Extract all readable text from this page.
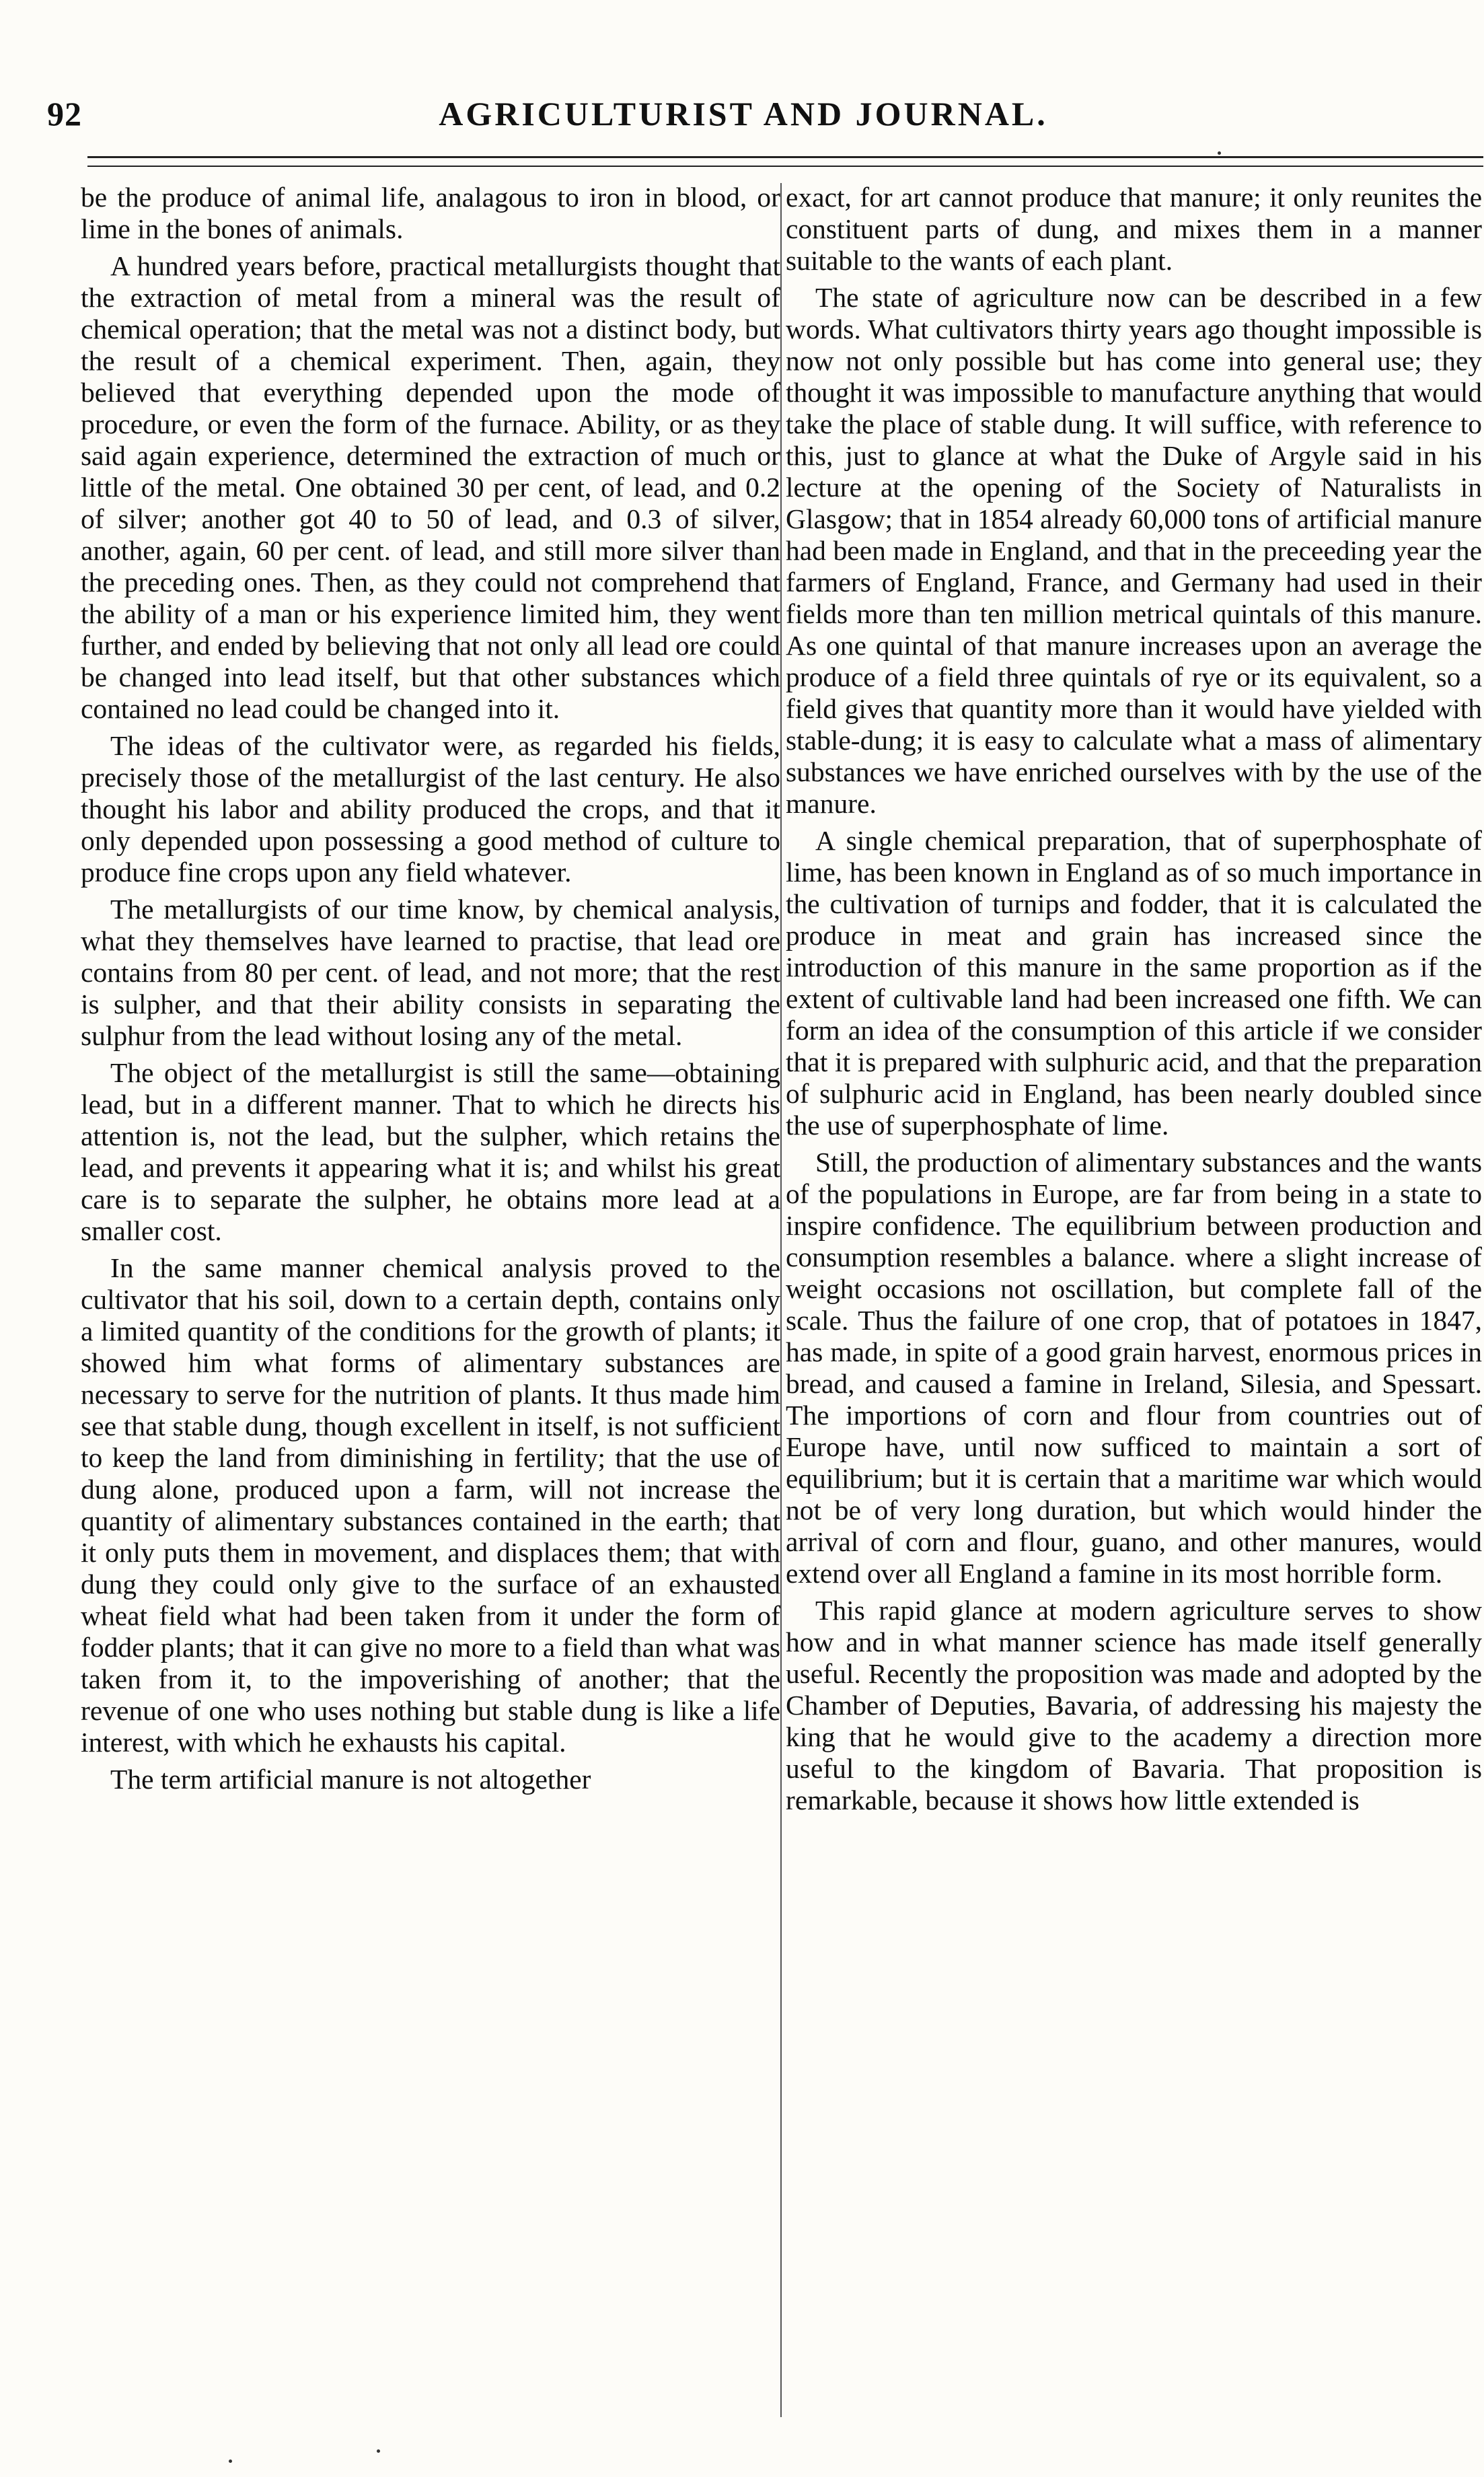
92	AGRICULTURIST AND JOURNAL.

be the produce of animal life, analagous to iron in blood, or lime in the bones of animals.

A hundred years before, practical metallurgists thought that the extraction of metal from a mineral was the result of chemical operation; that the metal was not a distinct body, but the result of a chemical experiment. Then, again, they believed that everything depended upon the mode of procedure, or even the form of the furnace. Ability, or as they said again experience, determined the extraction of much or little of the metal. One obtained 30 per cent, of lead, and 0.2 of silver; another got 40 to 50 of lead, and 0.3 of silver, another, again, 60 per cent. of lead, and still more silver than the preceding ones. Then, as they could not comprehend that the ability of a man or his experience limited him, they went further, and ended by believing that not only all lead ore could be changed into lead itself, but that other substances which contained no lead could be changed into it.

The ideas of the cultivator were, as regarded his fields, precisely those of the metallurgist of the last century. He also thought his labor and ability produced the crops, and that it only depended upon possessing a good method of culture to produce fine crops upon any field whatever.

The metallurgists of our time know, by chemical analysis, what they themselves have learned to practise, that lead ore contains from 80 per cent. of lead, and not more; that the rest is sulpher, and that their ability consists in separating the sulphur from the lead without losing any of the metal.

The object of the metallurgist is still the same—obtaining lead, but in a different manner. That to which he directs his attention is, not the lead, but the sulpher, which retains the lead, and prevents it appearing what it is; and whilst his great care is to separate the sulpher, he obtains more lead at a smaller cost.

In the same manner chemical analysis proved to the cultivator that his soil, down to a certain depth, contains only a limited quantity of the conditions for the growth of plants; it showed him what forms of alimentary substances are necessary to serve for the nutrition of plants. It thus made him see that stable dung, though excellent in itself, is not sufficient to keep the land from diminishing in fertility; that the use of dung alone, produced upon a farm, will not increase the quantity of alimentary substances contained in the earth; that it only puts them in movement, and displaces them; that with dung they could only give to the surface of an exhausted wheat field what had been taken from it under the form of fodder plants; that it can give no more to a field than what was taken from it, to the impoverishing of another; that the revenue of one who uses nothing but stable dung is like a life interest, with which he exhausts his capital.

The term artificial manure is not altogether

exact, for art cannot produce that manure; it only reunites the constituent parts of dung, and mixes them in a manner suitable to the wants of each plant.

The state of agriculture now can be described in a few words. What cultivators thirty years ago thought impossible is now not only possible but has come into general use; they thought it was impossible to manufacture anything that would take the place of stable dung. It will suffice, with reference to this, just to glance at what the Duke of Argyle said in his lecture at the opening of the Society of Naturalists in Glasgow; that in 1854 already 60,000 tons of artificial manure had been made in England, and that in the preceeding year the farmers of England, France, and Germany had used in their fields more than ten million metrical quintals of this manure. As one quintal of that manure increases upon an average the produce of a field three quintals of rye or its equivalent, so a field gives that quantity more than it would have yielded with stable-dung; it is easy to calculate what a mass of alimentary substances we have enriched ourselves with by the use of the manure.

A single chemical preparation, that of superphosphate of lime, has been known in England as of so much importance in the cultivation of turnips and fodder, that it is calculated the produce in meat and grain has increased since the introduction of this manure in the same proportion as if the extent of cultivable land had been increased one fifth. We can form an idea of the consumption of this article if we consider that it is prepared with sulphuric acid, and that the preparation of sulphuric acid in England, has been nearly doubled since the use of superphosphate of lime.

Still, the production of alimentary substances and the wants of the populations in Europe, are far from being in a state to inspire confidence. The equilibrium between production and consumption resembles a balance. where a slight increase of weight occasions not oscillation, but complete fall of the scale. Thus the failure of one crop, that of potatoes in 1847, has made, in spite of a good grain harvest, enormous prices in bread, and caused a famine in Ireland, Silesia, and Spessart. The importions of corn and flour from countries out of Europe have, until now sufficed to maintain a sort of equilibrium; but it is certain that a maritime war which would not be of very long duration, but which would hinder the arrival of corn and flour, guano, and other manures, would extend over all England a famine in its most horrible form.

This rapid glance at modern agriculture serves to show how and in what manner science has made itself generally useful. Recently the proposition was made and adopted by the Chamber of Deputies, Bavaria, of addressing his majesty the king that he would give to the academy a direction more useful to the kingdom of Bavaria. That proposition is remarkable, because it shows how little extended is
